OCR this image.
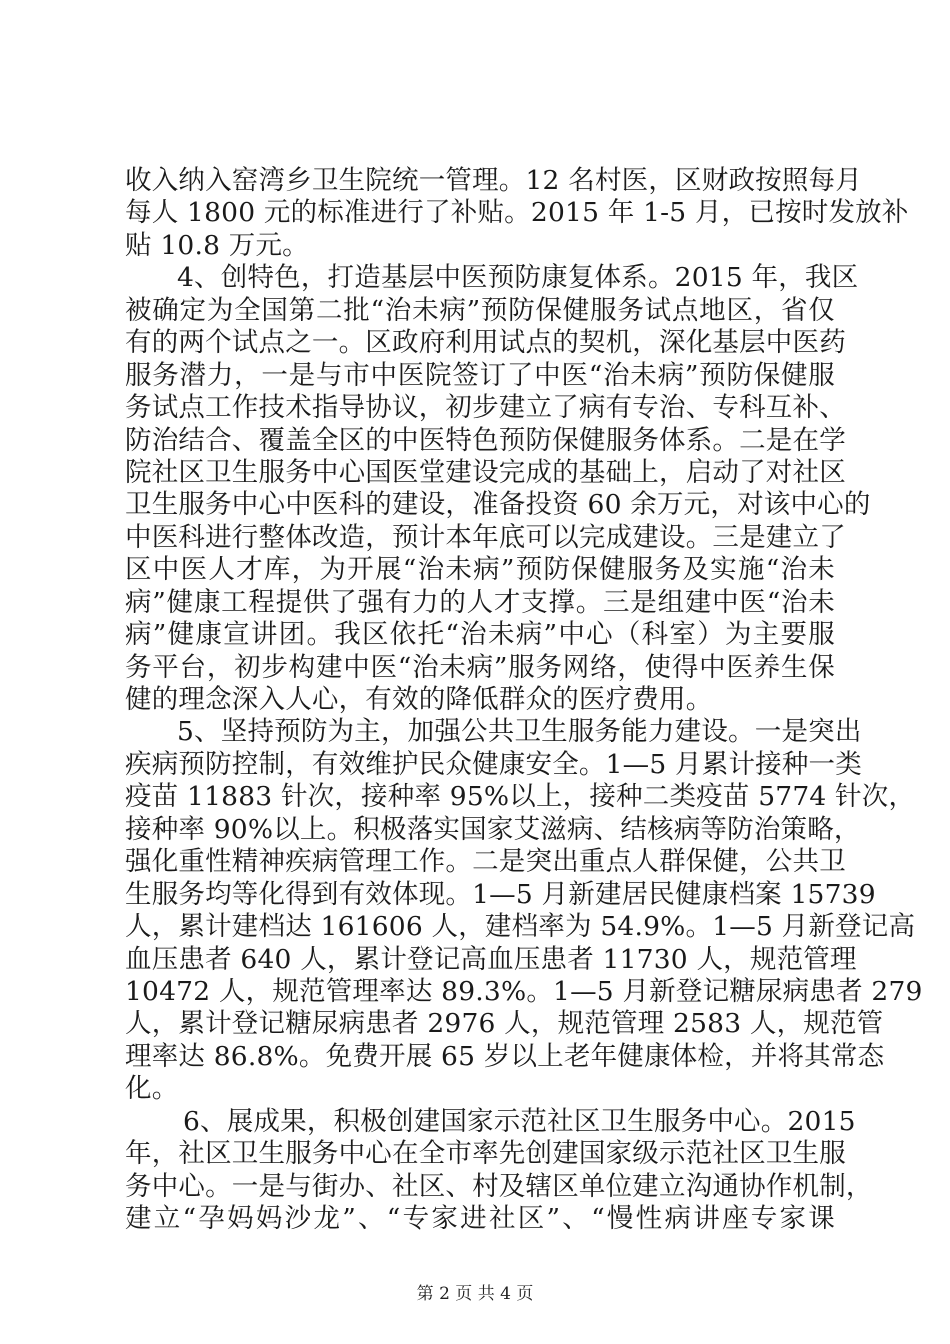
收入纳入窑湾乡卫生院统一管理。12 名村医，区财政按照每月
每人 1800 元的标准进行了补贴。2015 年 1-5 月，已按时发放补
贴 10.8 万元。
4、创特色，打造基层中医预防康复体系。2015 年，我区
被确定为全国第二批“治未病”预防保健服务试点地区，省仅
有的两个试点之一。区政府利用试点的契机，深化基层中医药
服务潜力，一是与市中医院签订了中医“治未病”预防保健服
务试点工作技术指导协议，初步建立了病有专治、专科互补、
防治结合、覆盖全区的中医特色预防保健服务体系。二是在学
院社区卫生服务中心国医堂建设完成的基础上，启动了对社区
卫生服务中心中医科的建设，准备投资 60 余万元，对该中心的
中医科进行整体改造，预计本年底可以完成建设。三是建立了
区中医人才库，为开展“治未病”预防保健服务及实施“治未
病”健康工程提供了强有力的人才支撑。三是组建中医“治未
病”健康宣讲团。我区依托“治未病”中心（科室）为主要服
务平台，初步构建中医“治未病”服务网络，使得中医养生保
健的理念深入人心，有效的降低群众的医疗费用。
5、坚持预防为主，加强公共卫生服务能力建设。一是突出
疾病预防控制，有效维护民众健康安全。1—5 月累计接种一类
疫苗 11883 针次，接种率 95%以上，接种二类疫苗 5774 针次，
接种率 90%以上。积极落实国家艾滋病、结核病等防治策略，
强化重性精神疾病管理工作。二是突出重点人群保健，公共卫
生服务均等化得到有效体现。1—5 月新建居民健康档案 15739
人，累计建档达 161606 人，建档率为 54.9%。1—5 月新登记高
血压患者 640 人，累计登记高血压患者 11730 人，规范管理
10472 人，规范管理率达 89.3%。1—5 月新登记糖尿病患者 279
人，累计登记糖尿病患者 2976 人，规范管理 2583 人，规范管
理率达 86.8%。免费开展 65 岁以上老年健康体检，并将其常态
化。
6、展成果，积极创建国家示范社区卫生服务中心。2015
年，社区卫生服务中心在全市率先创建国家级示范社区卫生服
务中心。一是与街办、社区、村及辖区单位建立沟通协作机制，
建立“孕妈妈沙龙”、“专家进社区”、“慢性病讲座专家课
第 2 页 共 4 页
